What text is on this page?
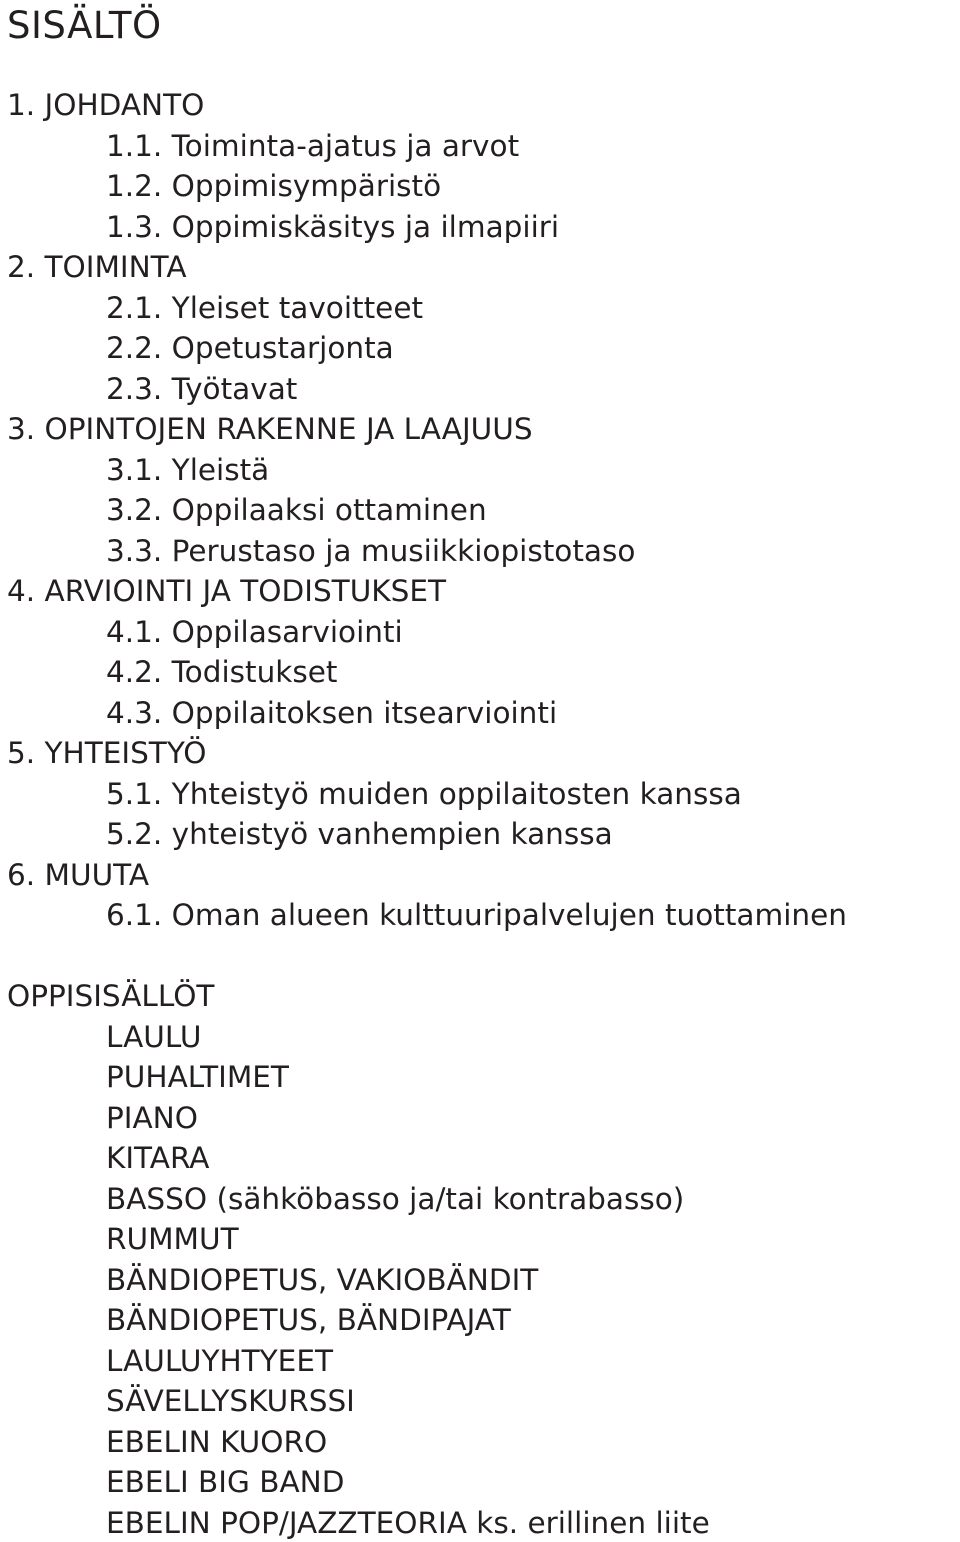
SISÄLTÖ

1. JOHDANTO

1.1. Toiminta-ajatus ja arvot

1.2. Oppimisympäristö

1.3. Oppimiskäsitys ja ilmapiiri

2. TOIMINTA

2.1. Yleiset tavoitteet

2.2. Opetustarjonta

2.3. Työtavat

3. OPINTOJEN RAKENNE JA LAAJUUS

3.1. Yleistä

3.2. Oppilaaksi ottaminen

3.3. Perustaso ja musiikkiopistotaso

4. ARVIOINTI JA TODISTUKSET

4.1. Oppilasarviointi

4.2. Todistukset

4.3. Oppilaitoksen itsearviointi

5. YHTEISTYÖ

5.1. Yhteistyö muiden oppilaitosten kanssa

5.2. yhteistyö vanhempien kanssa

6. MUUTA

6.1. Oman alueen kulttuuripalvelujen tuottaminen

OPPISISÄLLÖT

LAULU

PUHALTIMET

PIANO

KITARA

BASSO (sähköbasso ja/tai kontrabasso)

RUMMUT

BÄNDIOPETUS, VAKIOBÄNDIT

BÄNDIOPETUS, BÄNDIPAJAT

LAULUYHTYEET

SÄVELLYSKURSSI

EBELIN KUORO

EBELI BIG BAND

EBELIN POP/JAZZTEORIA ks. erillinen liite
